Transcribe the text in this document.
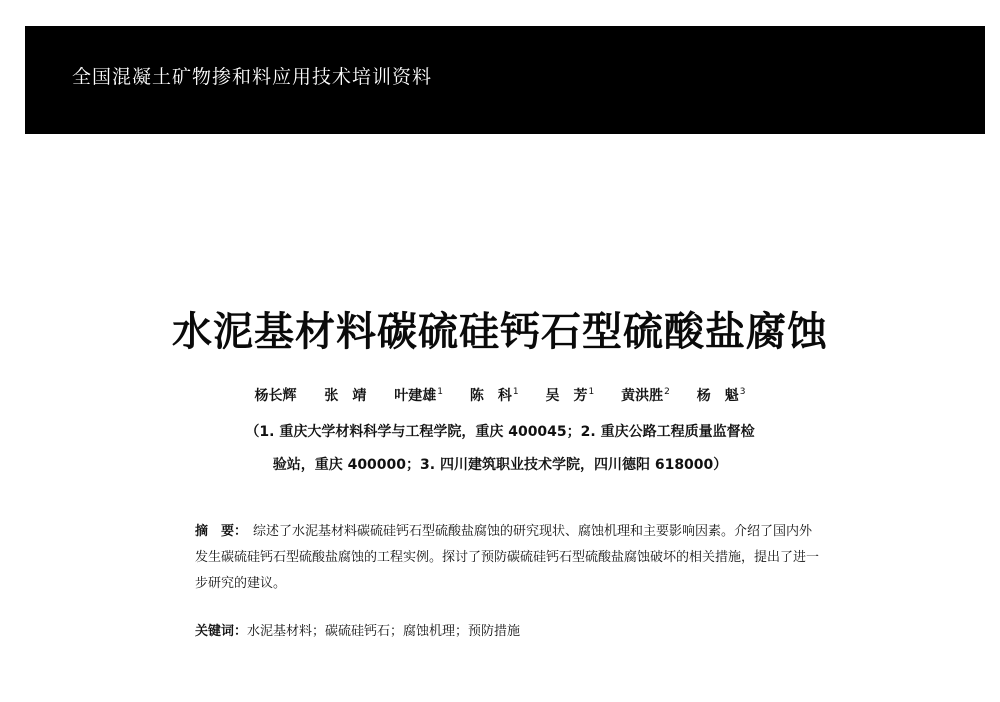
全国混凝土矿物掺和料应用技术培训资料
水泥基材料碳硫硅钙石型硫酸盐腐蚀
杨长辉 张　靖 叶建雄$^1$ 陈　科$^1$ 吴　芳$^1$ 黄洪胜$^2$ 杨　魁$^3$
（1. 重庆大学材料科学与工程学院，重庆 400045；2. 重庆公路工程质量监督检
验站，重庆 400000；3. 四川建筑职业技术学院，四川德阳 618000）
摘　要： 综述了水泥基材料碳硫硅钙石型硫酸盐腐蚀的研究现状、腐蚀机理和主要影响因素。介绍了国内外发生碳硫硅钙石型硫酸盐腐蚀的工程实例。探讨了预防碳硫硅钙石型硫酸盐腐蚀破坏的相关措施，提出了进一步研究的建议。
关键词：水泥基材料；碳硫硅钙石；腐蚀机理；预防措施
